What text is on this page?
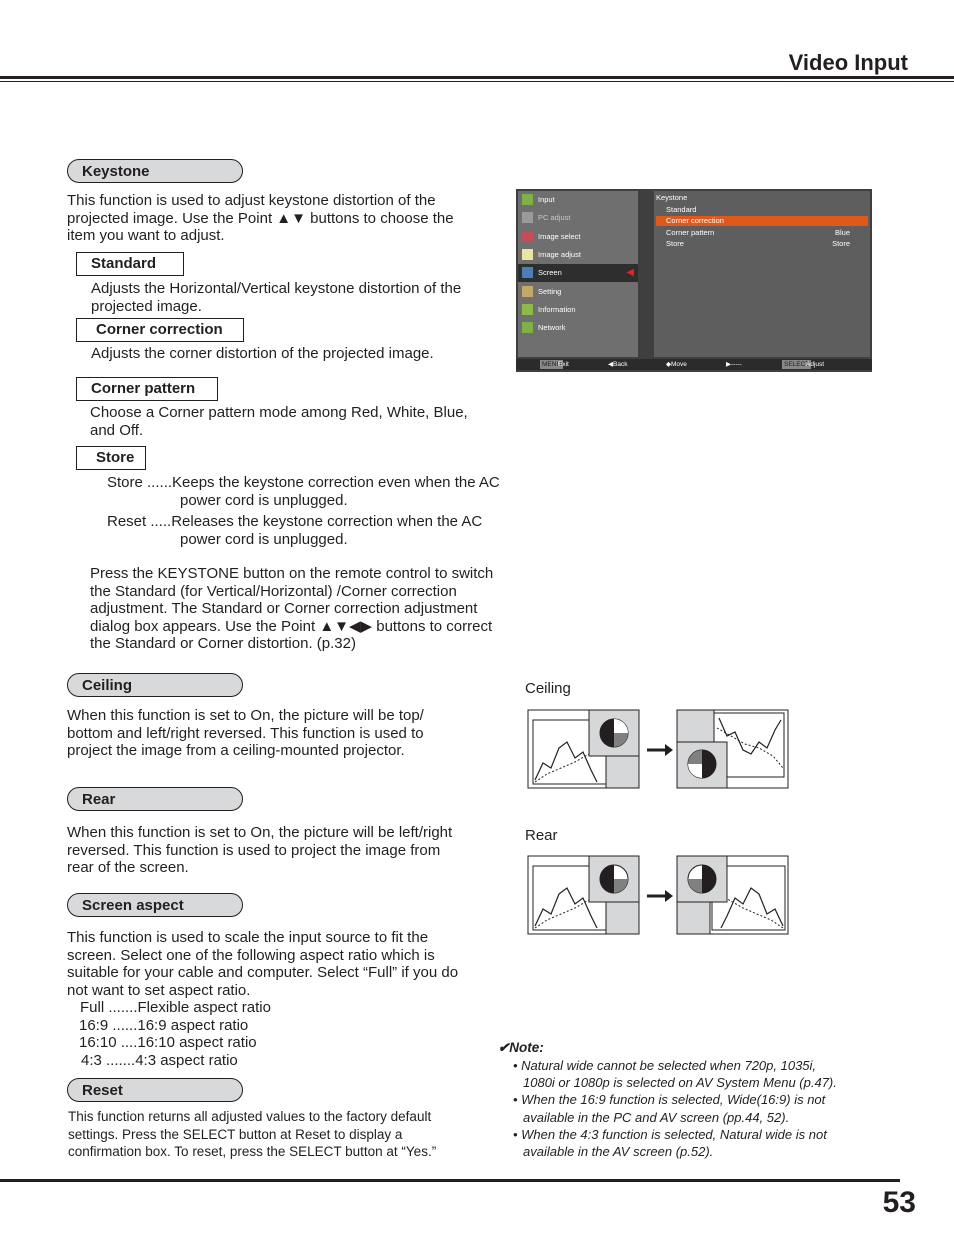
Video Input
Keystone
This function is used to adjust keystone distortion of the
projected image. Use the Point ▲▼ buttons to choose the
item you want to adjust.
Standard
Adjusts the Horizontal/Vertical keystone distortion of the
projected image.
Corner correction
Adjusts the corner distortion of the projected image.
Corner pattern
Choose a Corner pattern mode among Red, White, Blue,
and Off.
Store
Store ......Keeps the keystone correction even when the AC
power cord is unplugged.
Reset .....Releases the keystone correction when the AC
power cord is unplugged.
Press the KEYSTONE button on the remote control to switch
the Standard (for Vertical/Horizontal) /Corner correction
adjustment. The Standard or Corner correction adjustment
dialog box appears. Use the Point ▲▼◀▶ buttons to correct
the Standard or Corner distortion. (p.32)
Input
PC adjust
Image select
Image adjust
Screen	◀
Setting
Information
Network
Keystone
Standard
Corner correction
Corner pattern	Blue
Store	Store
MENU
Exit	◀Back	◆Move	▶-----	SELECT
Adjust
Ceiling
When this function is set to On, the picture will be top/
bottom and left/right reversed. This function is used to
project the image from a ceiling-mounted projector.
Ceiling
Rear
When this function is set to On, the picture will be left/right
reversed. This function is used to project the image from
rear of the screen.
Rear
Screen aspect
This function is used to scale the input source to fit the
screen. Select one of the following aspect ratio which is
suitable for your cable and computer. Select “Full” if you do
not want to set aspect ratio.
Full .......Flexible aspect ratio
16:9 ......16:9 aspect ratio
16:10 ....16:10 aspect ratio
4:3 .......4:3 aspect ratio
Reset
This function returns all adjusted values to the factory default
settings. Press the SELECT button at Reset to display a
confirmation box. To reset, press the SELECT button at “Yes.”
✔Note:
• Natural wide cannot be selected when 720p, 1035i,
1080i or 1080p is selected on AV System Menu (p.47).
• When the 16:9 function is selected, Wide(16:9) is not
available in the PC and AV screen (pp.44, 52).
• When the 4:3 function is selected, Natural wide is not
available in the AV screen (p.52).
53
